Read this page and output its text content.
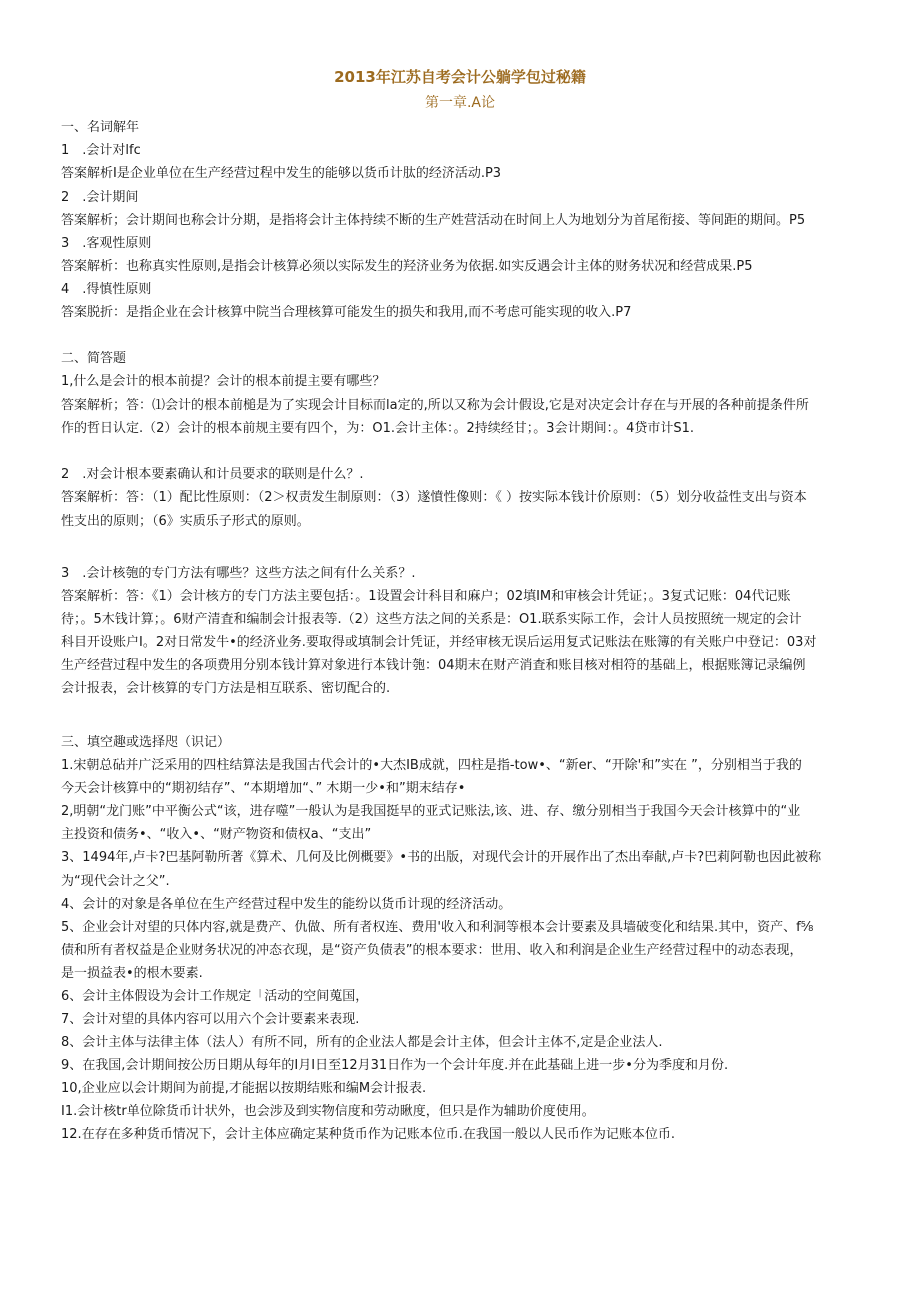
2013年江苏自考会计公躺学包过秘籍
第一章.A论
一、名词解年
1　.会计对lfc
答案解析I是企业单位在生产经营过程中发生的能够以货币计肽的经济活动.P3
2　.会计期间
答案解析；会计期间也称会计分期，是指将会计主体持续不断的生产姓营活动在时间上人为地划分为首尾衔接、等间距的期间。P5
3　.客观性原则
答案解析：也称真实性原则,是指会计核算必须以实际发生的羟济业务为依据.如实反遇会计主体的财务状况和经营成果.P5
4　.得慎性原则
答案脱折：是指企业在会计核算中院当合理核算可能发生的损失和我用,而不考虑可能实现的收入.P7
二、简答题
1,什么是会计的根本前提？会计的根本前提主要有哪些？
答案解析；答：⑴会计的根本前槌是为了实现会计目标而la定的,所以又称为会计假设,它是对决定会计存在与开展的各种前提条件所
作的哲日认定.（2）会计的根本前规主要有四个，为：O1.会计主体：。2持续经甘；。3会计期间：。4贷市计S1.
2　.对会计根本要素确认和计员要求的联则是什么？.
答案解析：答：（1）配比性原则：（2＞权责发生制原则：（3）遂憤性像则：《 ）按实际本钱计价原则：（5）划分收益性支出与资本
性支出的原则；（6》实质乐子形式的原则。
3　.会计核匏的专门方法有哪些？这些方法之间有什么关系？.
答案解析：答：《1）会计核方的专门方法主要包括：。1设置会计科目和麻户；02填IM和审核会计凭证；。3复式记账：04代记账
待；。5木钱计算；。6财产清査和编制会计报表等.（2）这些方法之间的关系是：O1.联系实际工作，会计人员按照统一规定的会计
科目开设账户I。2对日常发牛•的经济业务.要取得或填制会计凭证，并经审核无误后运用复式记账法在账簿的有关账户中登记：03对
生产经营过程中发生的各项费用分别本钱计算对象进行本钱计匏：04期末在财产消査和账目核对相符的基础上，根据账簿记录编例
会计报表，会计核算的专门方法是相互联系、密切配合的.
三、填空趣或选择咫（识记）
1.宋朝总砧并广泛采用的四柱结算法是我国古代会计的•大杰IB成就，四柱是指-tow•、“新er、“开除'和”实在 ”，分别相当于我的
今天会计核算中的“期初结存”、“本期增加“、” 木期一少•和”期末结存•
2,明朝“龙门账”中平衡公式“该，进存噬”一般认为是我国挺早的亚式记账法,该、进、存、缴分别相当于我国今天会计核算中的“业
主投资和债务•、“收入•、“财产物资和债权a、“支出”
3、1494年,卢卡?巴基阿勒所著《算术、几何及比例概要》•书的出版，对现代会计的开展作出了杰出奉献,卢卡?巴莉阿勒也因此被称
为“现代会计之父”.
4、会计的对象是各单位在生产经营过程中发生的能纷以货币计现的经济活动。
5、企业会计对望的只体内容,就是费产、仇做、所有者权连、费用'收入和利洞等根本会计要素及具墙破变化和结果.其中，资产、f⅝
债和所有者权益是企业财务状况的冲态衣现，是“资产负债表”的根本要求：世用、收入和利润是企业生产经营过程中的动态表现，
是一损益表•的根木要素.
6、会计主体假设为会计工作规定「活动的空间蒐国，
7、会计对望的具体内容可以用六个会计要素来表现.
8、会计主体与法律主体（法人）有所不同，所有的企业法人都是会计主体，但会计主体不,定是企业法人.
9、在我国,会计期间按公历日期从每年的I月I日至12月31日作为一个会计年度.并在此基础上进一步•分为季度和月份.
10,企业应以会计期间为前提,才能据以按期结账和编M会计报表.
I1.会计核tr单位除货币计状外，也会涉及到实物信度和劳动瞅度，但只是作为辅助价度使用。
12.在存在多种货币情况下，会计主体应确定某种货币作为记账本位币.在我国一般以人民币作为记账本位币.
